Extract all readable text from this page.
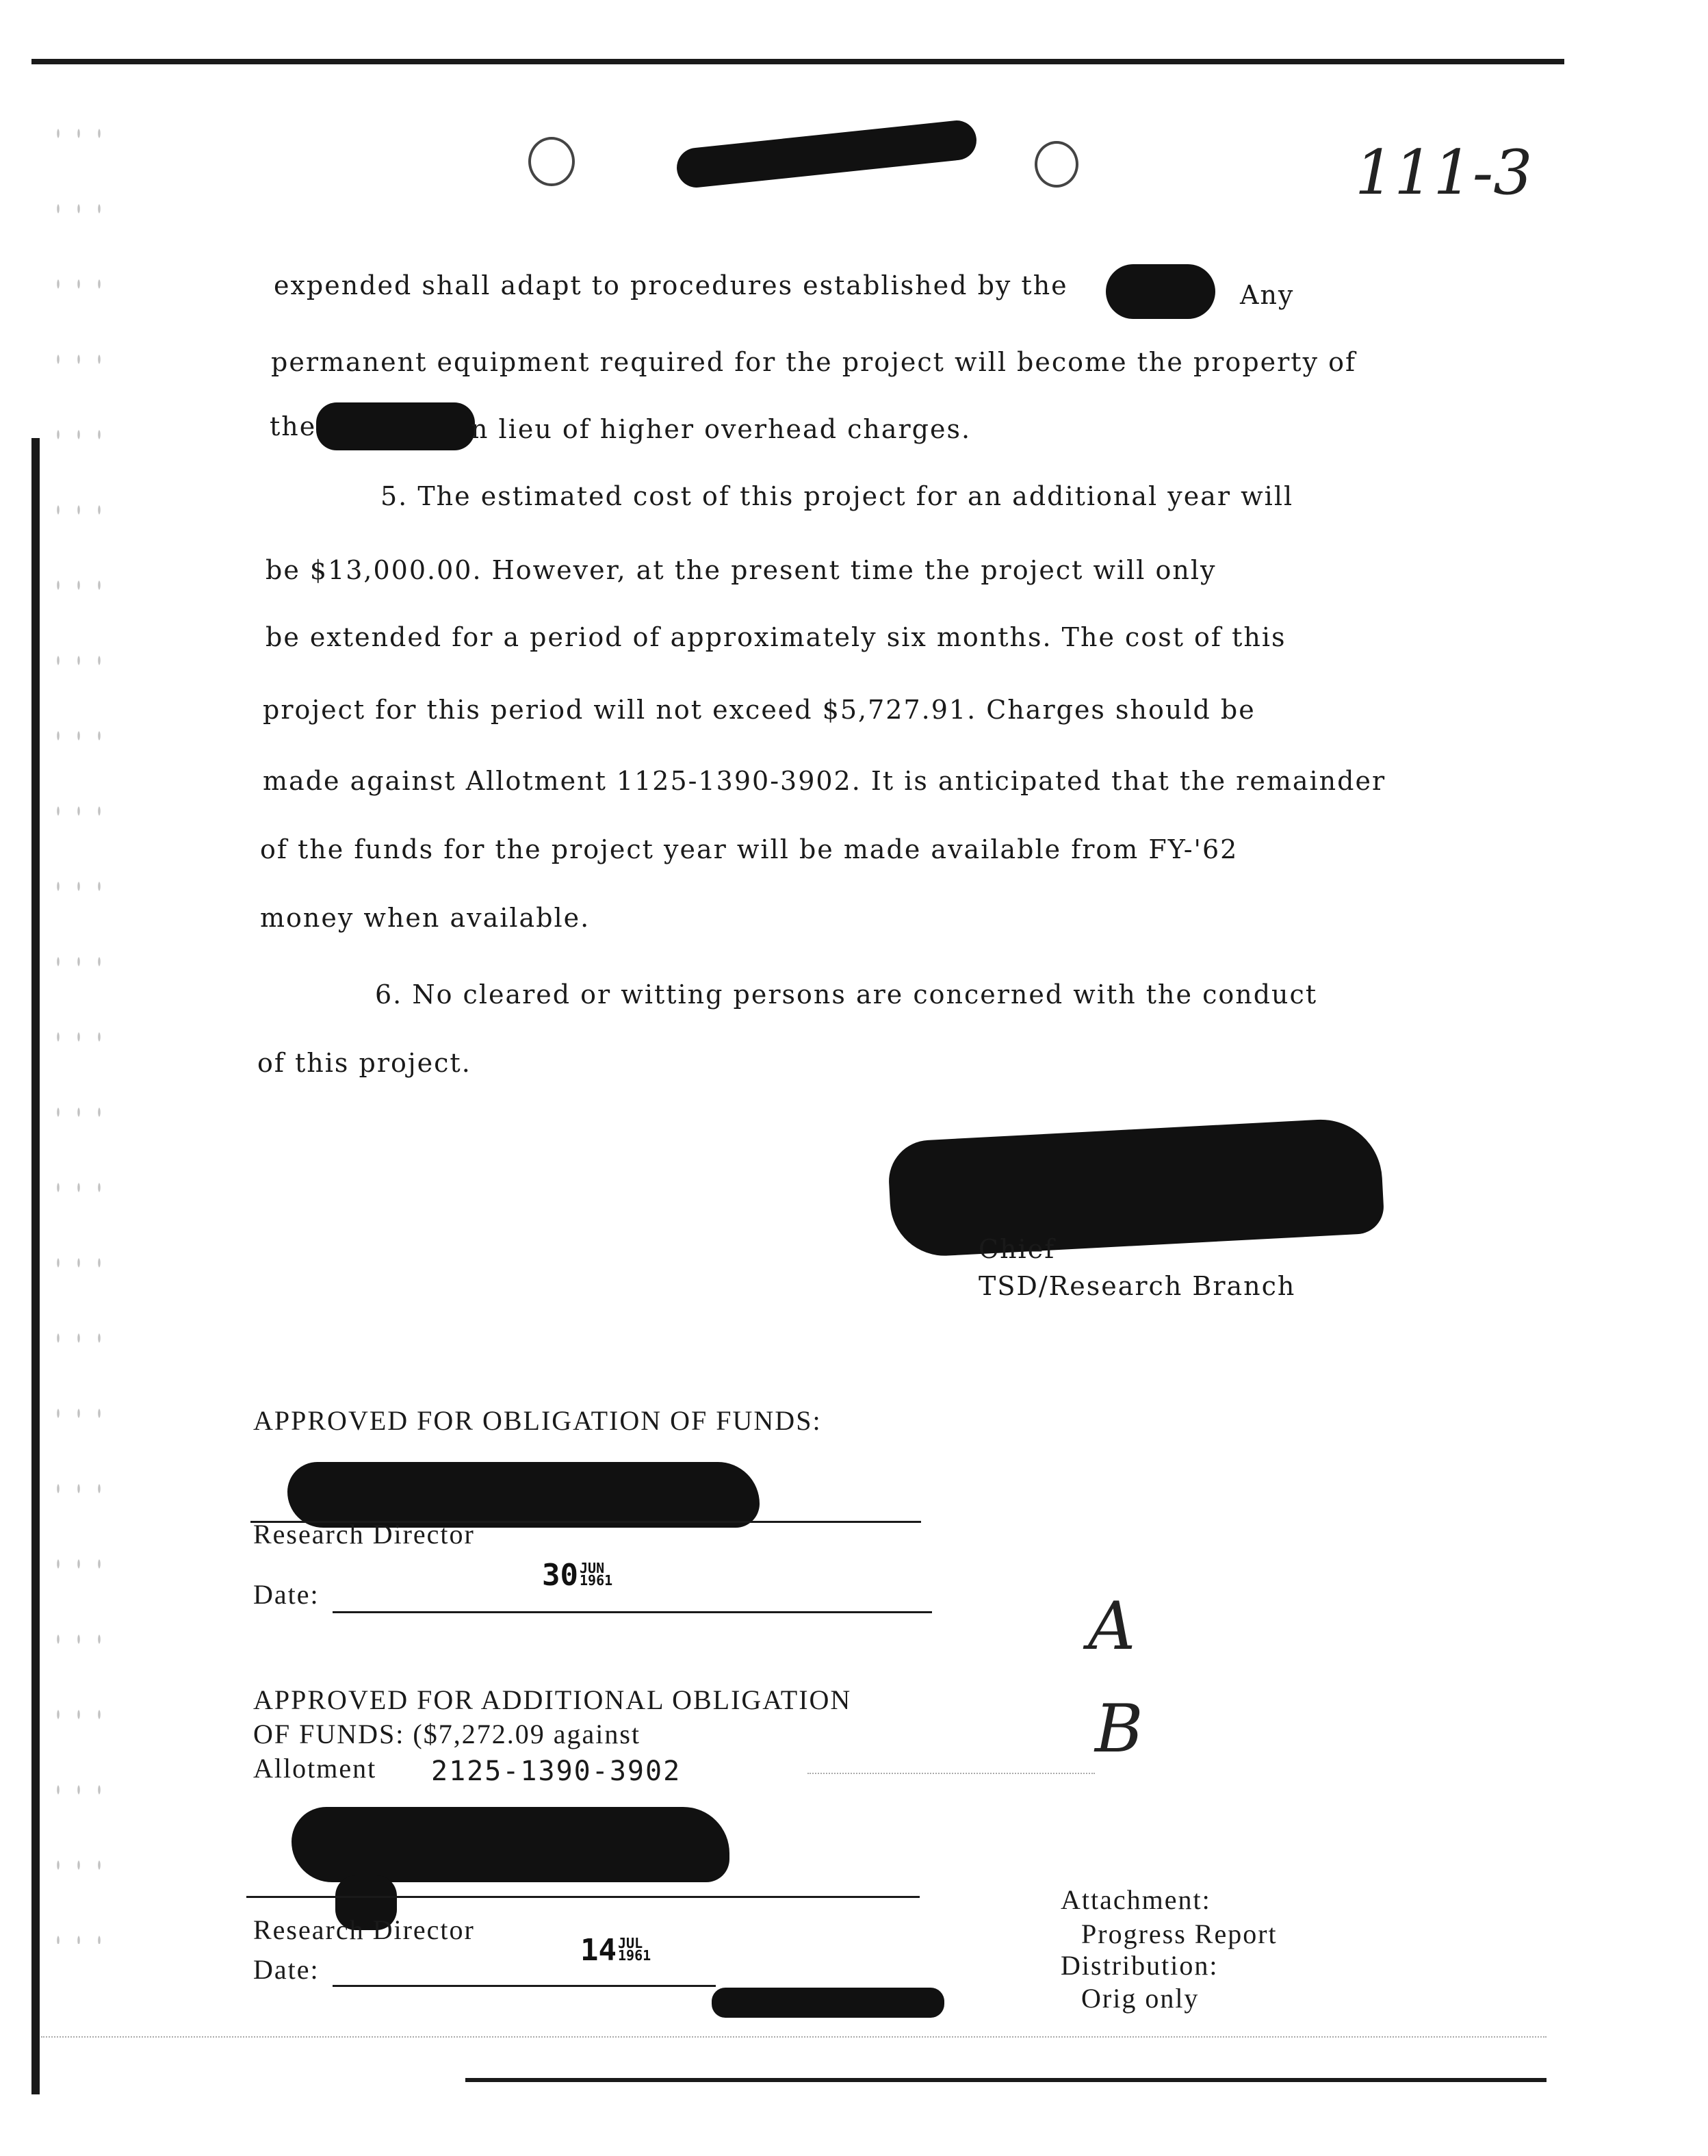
111-3
expended shall adapt to procedures established by the	Any
permanent equipment required for the project will become the property of
the	n lieu of higher overhead charges.
5. The estimated cost of this project for an additional year will
be $13,000.00. However, at the present time the project will only
be extended for a period of approximately six months. The cost of this
project for this period will not exceed $5,727.91. Charges should be
made against Allotment 1125-1390-3902. It is anticipated that the remainder
of the funds for the project year will be made available from FY-'62
money when available.
6. No cleared or witting persons are concerned with the conduct
of this project.
Chief
TSD/Research Branch
APPROVED FOR OBLIGATION OF FUNDS:
Research Director
Date:
30 JUN
1961
A
APPROVED FOR ADDITIONAL OBLIGATION
OF FUNDS: ($7,272.09 against
Allotment 2125-1390-3902
B
Research Director
Date:
14 JUL
1961
Attachment:
Progress Report
Distribution:
Orig only
